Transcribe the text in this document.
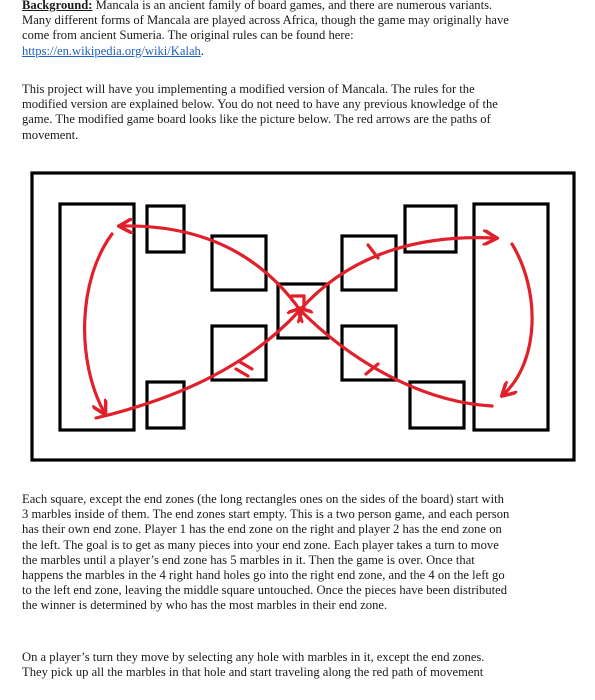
Background: Mancala is an ancient family of board games, and there are numerous variants.
Many different forms of Mancala are played across Africa, though the game may originally have
come from ancient Sumeria. The original rules can be found here:
https://en.wikipedia.org/wiki/Kalah.

This project will have you implementing a modified version of Mancala. The rules for the
modified version are explained below. You do not need to have any previous knowledge of the
game. The modified game board looks like the picture below. The red arrows are the paths of
movement.

Each square, except the end zones (the long rectangles ones on the sides of the board) start with
3 marbles inside of them. The end zones start empty. This is a two person game, and each person
has their own end zone. Player 1 has the end zone on the right and player 2 has the end zone on
the left. The goal is to get as many pieces into your end zone. Each player takes a turn to move
the marbles until a player’s end zone has 5 marbles in it. Then the game is over. Once that
happens the marbles in the 4 right hand holes go into the right end zone, and the 4 on the left go
to the left end zone, leaving the middle square untouched. Once the pieces have been distributed
the winner is determined by who has the most marbles in their end zone.

On a player’s turn they move by selecting any hole with marbles in it, except the end zones.
They pick up all the marbles in that hole and start traveling along the red path of movement
